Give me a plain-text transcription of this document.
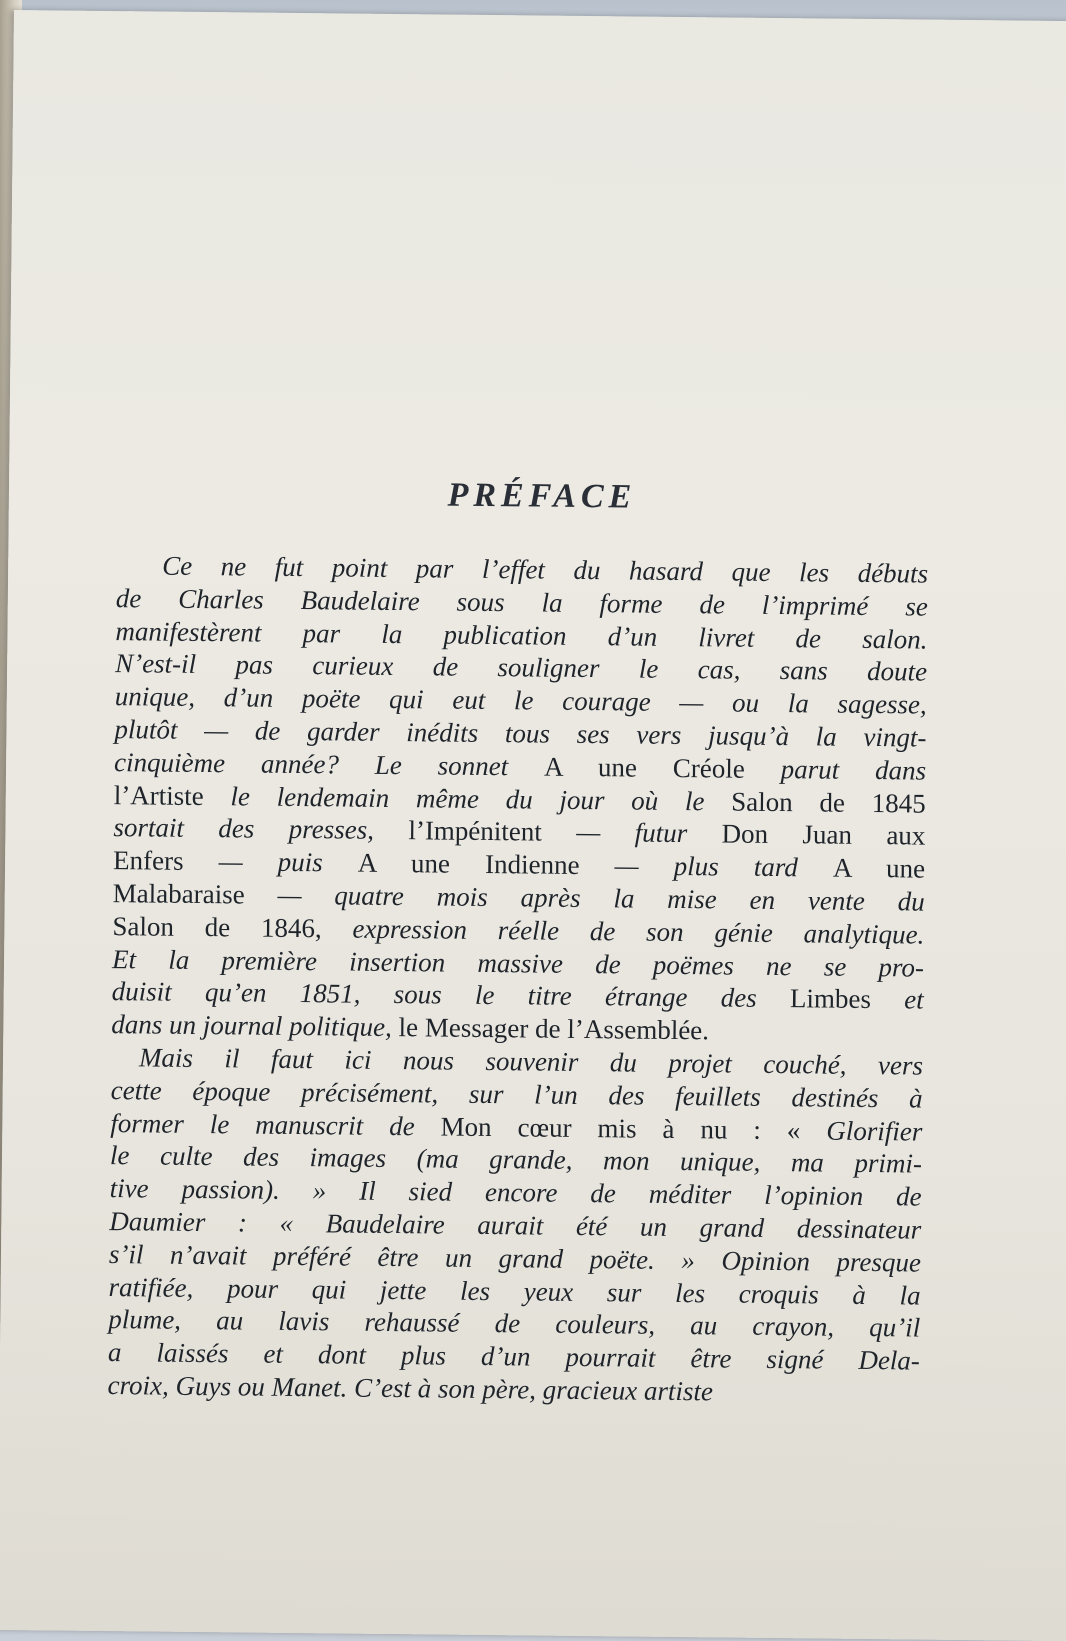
PRÉFACE
Ce ne fut point par l’effet du hasard que les débuts
de Charles Baudelaire sous la forme de l’imprimé se
manifestèrent par la publication d’un livret de salon.
N’est-il pas curieux de souligner le cas, sans doute
unique, d’un poëte qui eut le courage — ou la sagesse,
plutôt — de garder inédits tous ses vers jusqu’à la vingt-
cinquième année? Le sonnet A une Créole parut dans
l’Artiste le lendemain même du jour où le Salon de 1845
sortait des presses, l’Impénitent — futur Don Juan aux
Enfers — puis A une Indienne — plus tard A une
Malabaraise — quatre mois après la mise en vente du
Salon de 1846, expression réelle de son génie analytique.
Et la première insertion massive de poëmes ne se pro-
duisit qu’en 1851, sous le titre étrange des Limbes et
dans un journal politique, le Messager de l’Assemblée.
Mais il faut ici nous souvenir du projet couché, vers
cette époque précisément, sur l’un des feuillets destinés à
former le manuscrit de Mon cœur mis à nu : « Glorifier
le culte des images (ma grande, mon unique, ma primi-
tive passion). » Il sied encore de méditer l’opinion de
Daumier : « Baudelaire aurait été un grand dessinateur
s’il n’avait préféré être un grand poëte. » Opinion presque
ratifiée, pour qui jette les yeux sur les croquis à la
plume, au lavis rehaussé de couleurs, au crayon, qu’il
a laissés et dont plus d’un pourrait être signé Dela-
croix, Guys ou Manet. C’est à son père, gracieux artiste
